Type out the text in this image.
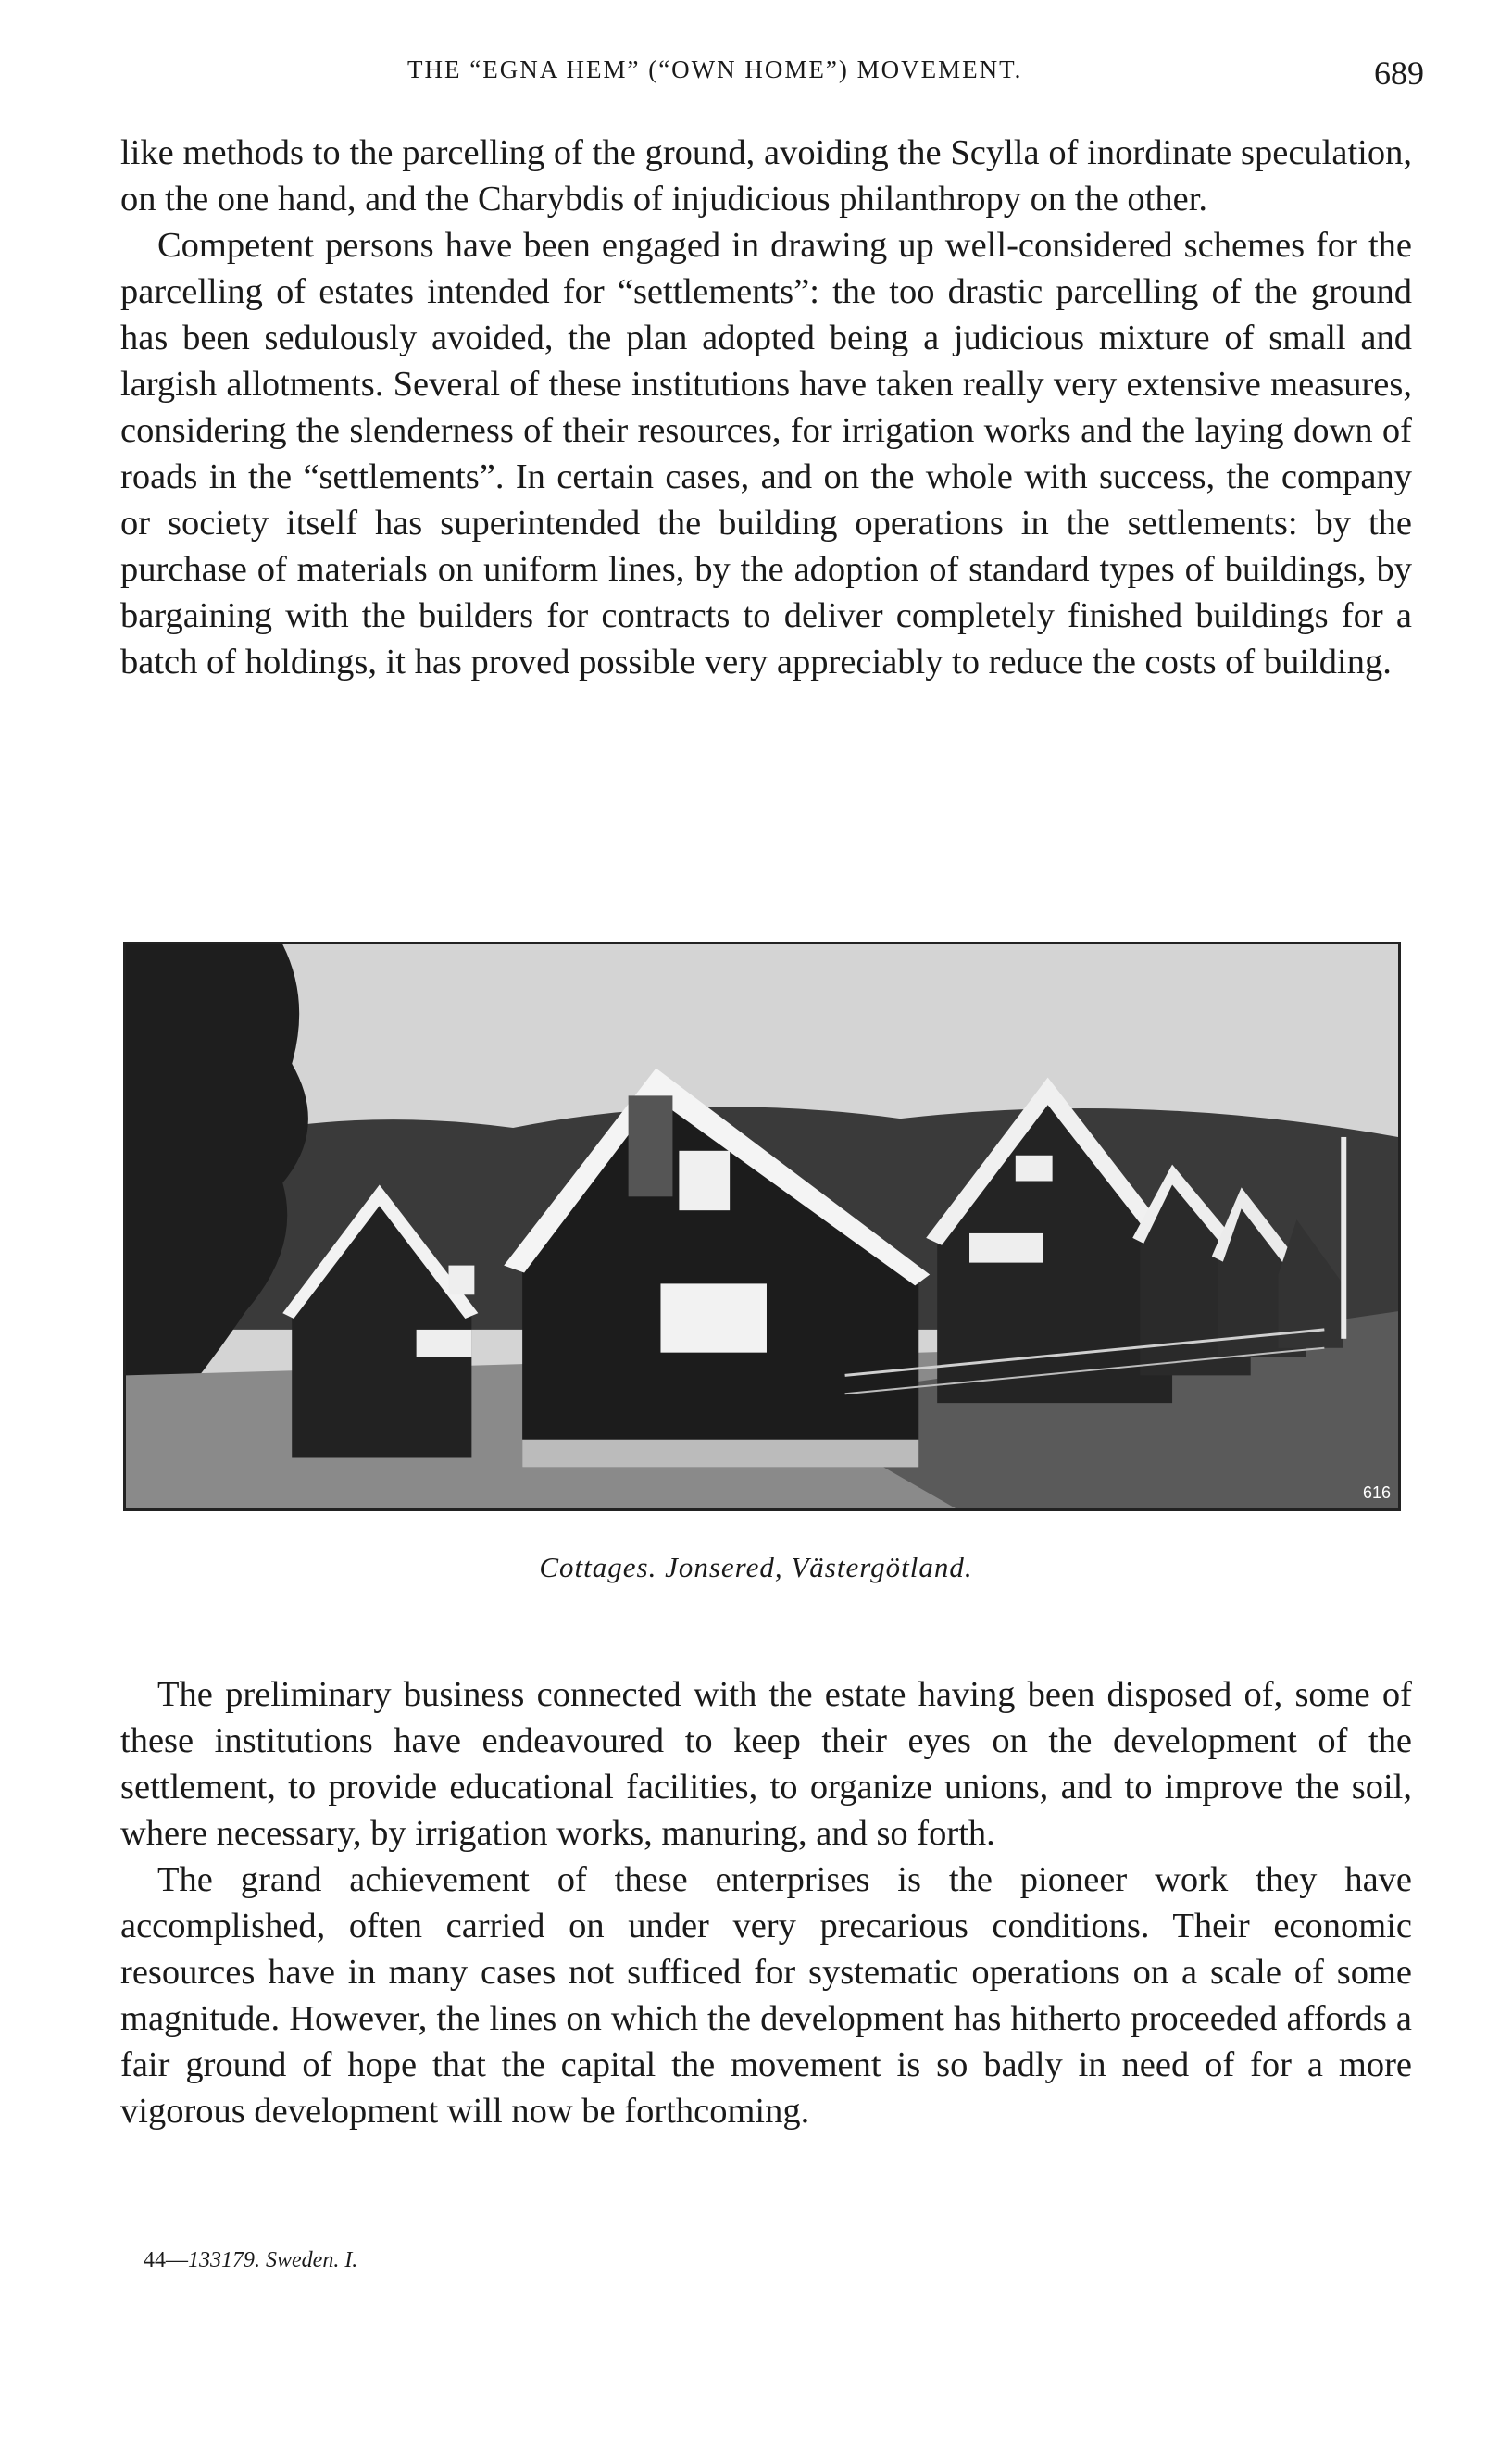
THE “EGNA HEM” (“OWN HOME”) MOVEMENT.	689

like methods to the parcelling of the ground, avoiding the Scylla of inordinate speculation, on the one hand, and the Charybdis of injudicious philanthropy on the other.

Competent persons have been engaged in drawing up well-considered schemes for the parcelling of estates intended for “settlements”: the too drastic parcelling of the ground has been sedulously avoided, the plan adopted being a judicious mixture of small and largish allotments. Several of these institutions have taken really very extensive measures, considering the slenderness of their resources, for irrigation works and the laying down of roads in the “settlements”. In certain cases, and on the whole with success, the company or society itself has superintended the building operations in the settlements: by the purchase of materials on uniform lines, by the adoption of standard types of buildings, by bargaining with the builders for contracts to deliver completely finished buildings for a batch of holdings, it has proved possible very appreciably to reduce the costs of building.

616
Cottages. Jonsered, Västergötland.

The preliminary business connected with the estate having been disposed of, some of these institutions have endeavoured to keep their eyes on the development of the settlement, to provide educational facilities, to organize unions, and to improve the soil, where necessary, by irrigation works, manuring, and so forth.

The grand achievement of these enterprises is the pioneer work they have accomplished, often carried on under very precarious conditions. Their economic resources have in many cases not sufficed for systematic operations on a scale of some magnitude. However, the lines on which the development has hitherto proceeded affords a fair ground of hope that the capital the movement is so badly in need of for a more vigorous development will now be forthcoming.

44—133179. Sweden. I.
